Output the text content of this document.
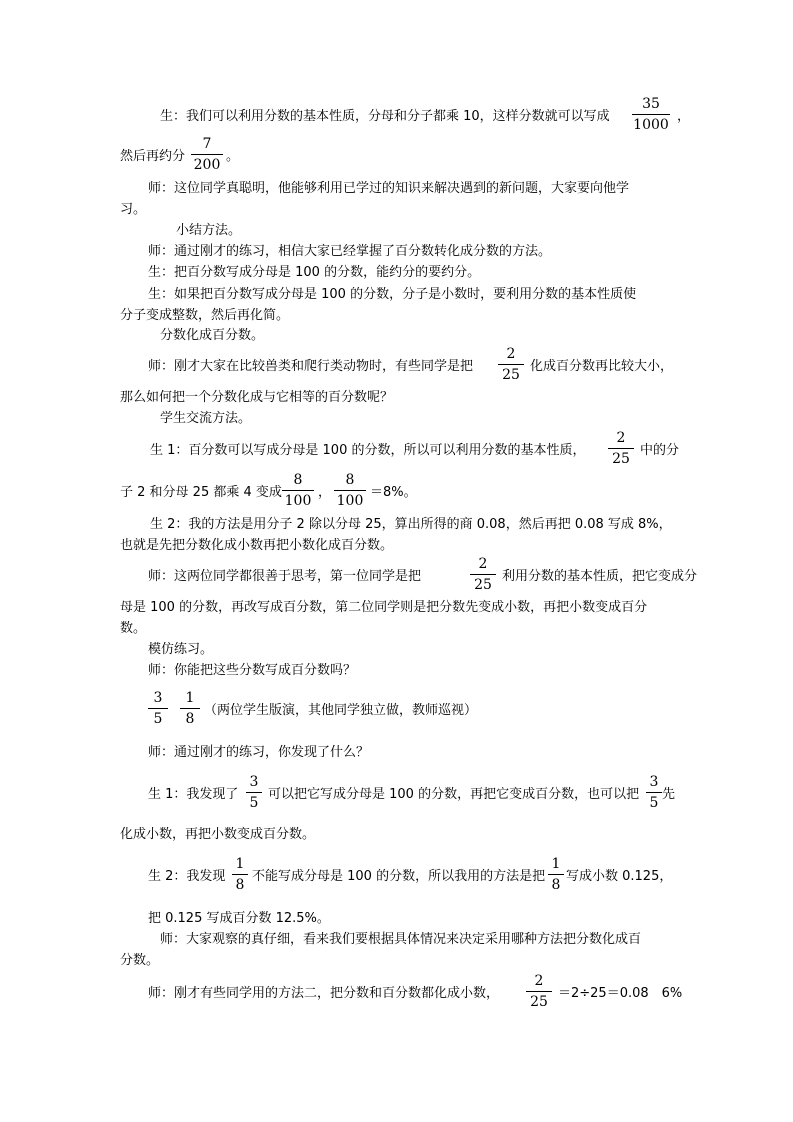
生：我们可以利用分数的基本性质，分母和分子都乘 10，这样分数就可以写成
35
1000
，
然后再约分
7
200
。
师：这位同学真聪明，他能够利用已学过的知识来解决遇到的新问题，大家要向他学
习。
小结方法。
师：通过刚才的练习，相信大家已经掌握了百分数转化成分数的方法。
生：把百分数写成分母是 100 的分数，能约分的要约分。
生：如果把百分数写成分母是 100 的分数，分子是小数时，要利用分数的基本性质使
分子变成整数，然后再化简。
分数化成百分数。
师：刚才大家在比较兽类和爬行类动物时，有些同学是把
2
25
化成百分数再比较大小，
那么如何把一个分数化成与它相等的百分数呢？
学生交流方法。
生 1：百分数可以写成分母是 100 的分数，所以可以利用分数的基本性质，
2
25
中的分
子 2 和分母 25 都乘 4 变成
8
100
，
8
100
＝8%。
生 2：我的方法是用分子 2 除以分母 25，算出所得的商 0.08，然后再把 0.08 写成 8%，
也就是先把分数化成小数再把小数化成百分数。
师：这两位同学都很善于思考，第一位同学是把
2
25
利用分数的基本性质，把它变成分
母是 100 的分数，再改写成百分数，第二位同学则是把分数先变成小数，再把小数变成百分
数。
模仿练习。
师：你能把这些分数写成百分数吗？
3
5
1
8
（两位学生版演，其他同学独立做，教师巡视）
师：通过刚才的练习，你发现了什么？
生 1：我发现了
3
5
可以把它写成分母是 100 的分数，再把它变成百分数，也可以把
3
5
先
化成小数，再把小数变成百分数。
生 2：我发现
1
8
不能写成分母是 100 的分数，所以我用的方法是把
1
8
写成小数 0.125，
把 0.125 写成百分数 12.5%。
师：大家观察的真仔细，看来我们要根据具体情况来决定采用哪种方法把分数化成百
分数。
师：刚才有些同学用的方法二，把分数和百分数都化成小数，
2
25
＝2÷25＝0.08　6%
